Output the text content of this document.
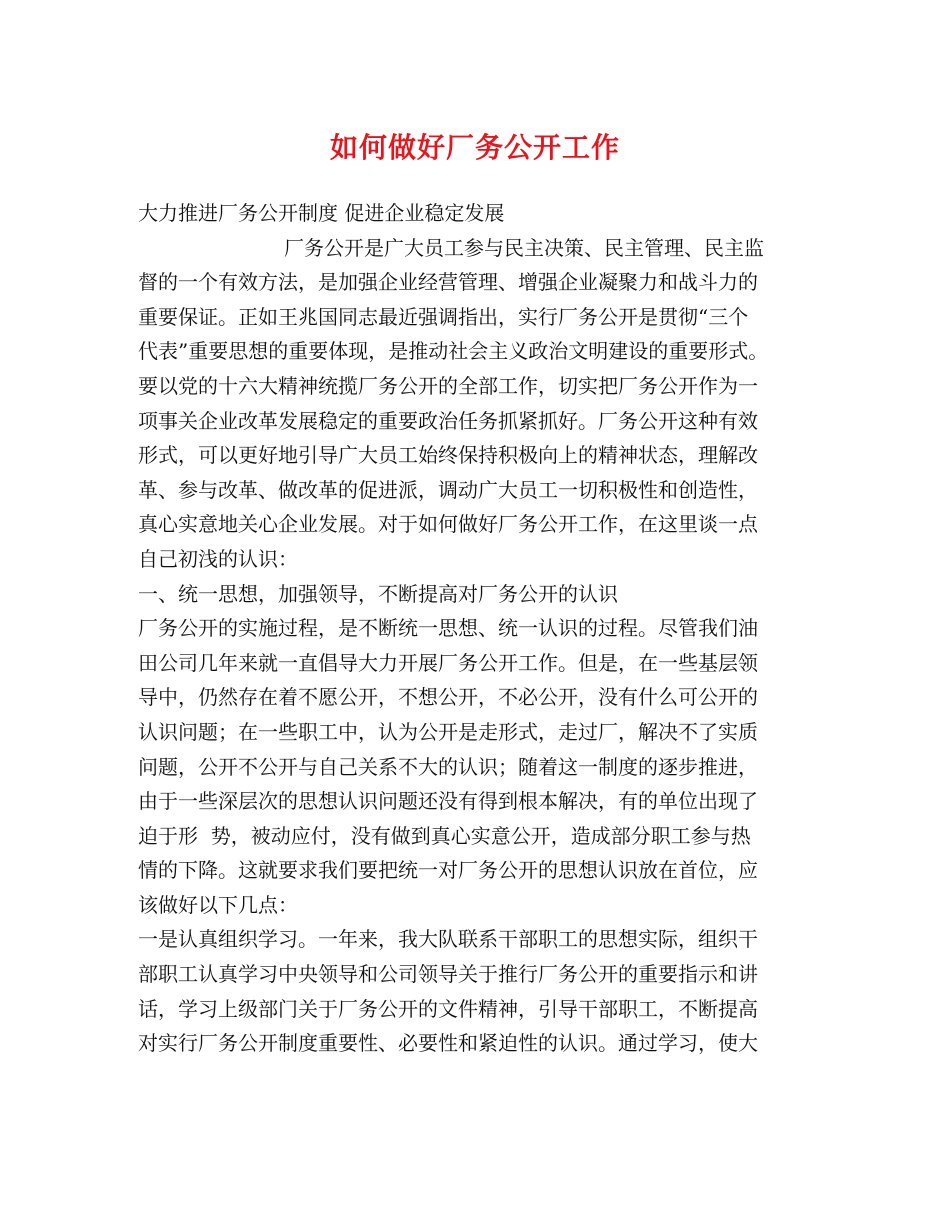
如何做好厂务公开工作
大力推进厂务公开制度 促进企业稳定发展
厂务公开是广大员工参与民主决策、民主管理、民主监
督的一个有效方法，是加强企业经营管理、增强企业凝聚力和战斗力的
重要保证。正如王兆国同志最近强调指出，实行厂务公开是贯彻“三个
代表”重要思想的重要体现，是推动社会主义政治文明建设的重要形式。
要以党的十六大精神统揽厂务公开的全部工作，切实把厂务公开作为一
项事关企业改革发展稳定的重要政治任务抓紧抓好。厂务公开这种有效
形式，可以更好地引导广大员工始终保持积极向上的精神状态，理解改
革、参与改革、做改革的促进派，调动广大员工一切积极性和创造性，
真心实意地关心企业发展。对于如何做好厂务公开工作，在这里谈一点
自己初浅的认识：
一、统一思想，加强领导，不断提高对厂务公开的认识
厂务公开的实施过程，是不断统一思想、统一认识的过程。尽管我们油
田公司几年来就一直倡导大力开展厂务公开工作。但是，在一些基层领
导中，仍然存在着不愿公开，不想公开，不必公开，没有什么可公开的
认识问题；在一些职工中，认为公开是走形式，走过厂，解决不了实质
问题，公开不公开与自己关系不大的认识；随着这一制度的逐步推进，
由于一些深层次的思想认识问题还没有得到根本解决，有的单位出现了
迫于形  势，被动应付，没有做到真心实意公开，造成部分职工参与热
情的下降。这就要求我们要把统一对厂务公开的思想认识放在首位，应
该做好以下几点：
一是认真组织学习。一年来，我大队联系干部职工的思想实际，组织干
部职工认真学习中央领导和公司领导关于推行厂务公开的重要指示和讲
话，学习上级部门关于厂务公开的文件精神，引导干部职工，不断提高
对实行厂务公开制度重要性、必要性和紧迫性的认识。通过学习，使大
